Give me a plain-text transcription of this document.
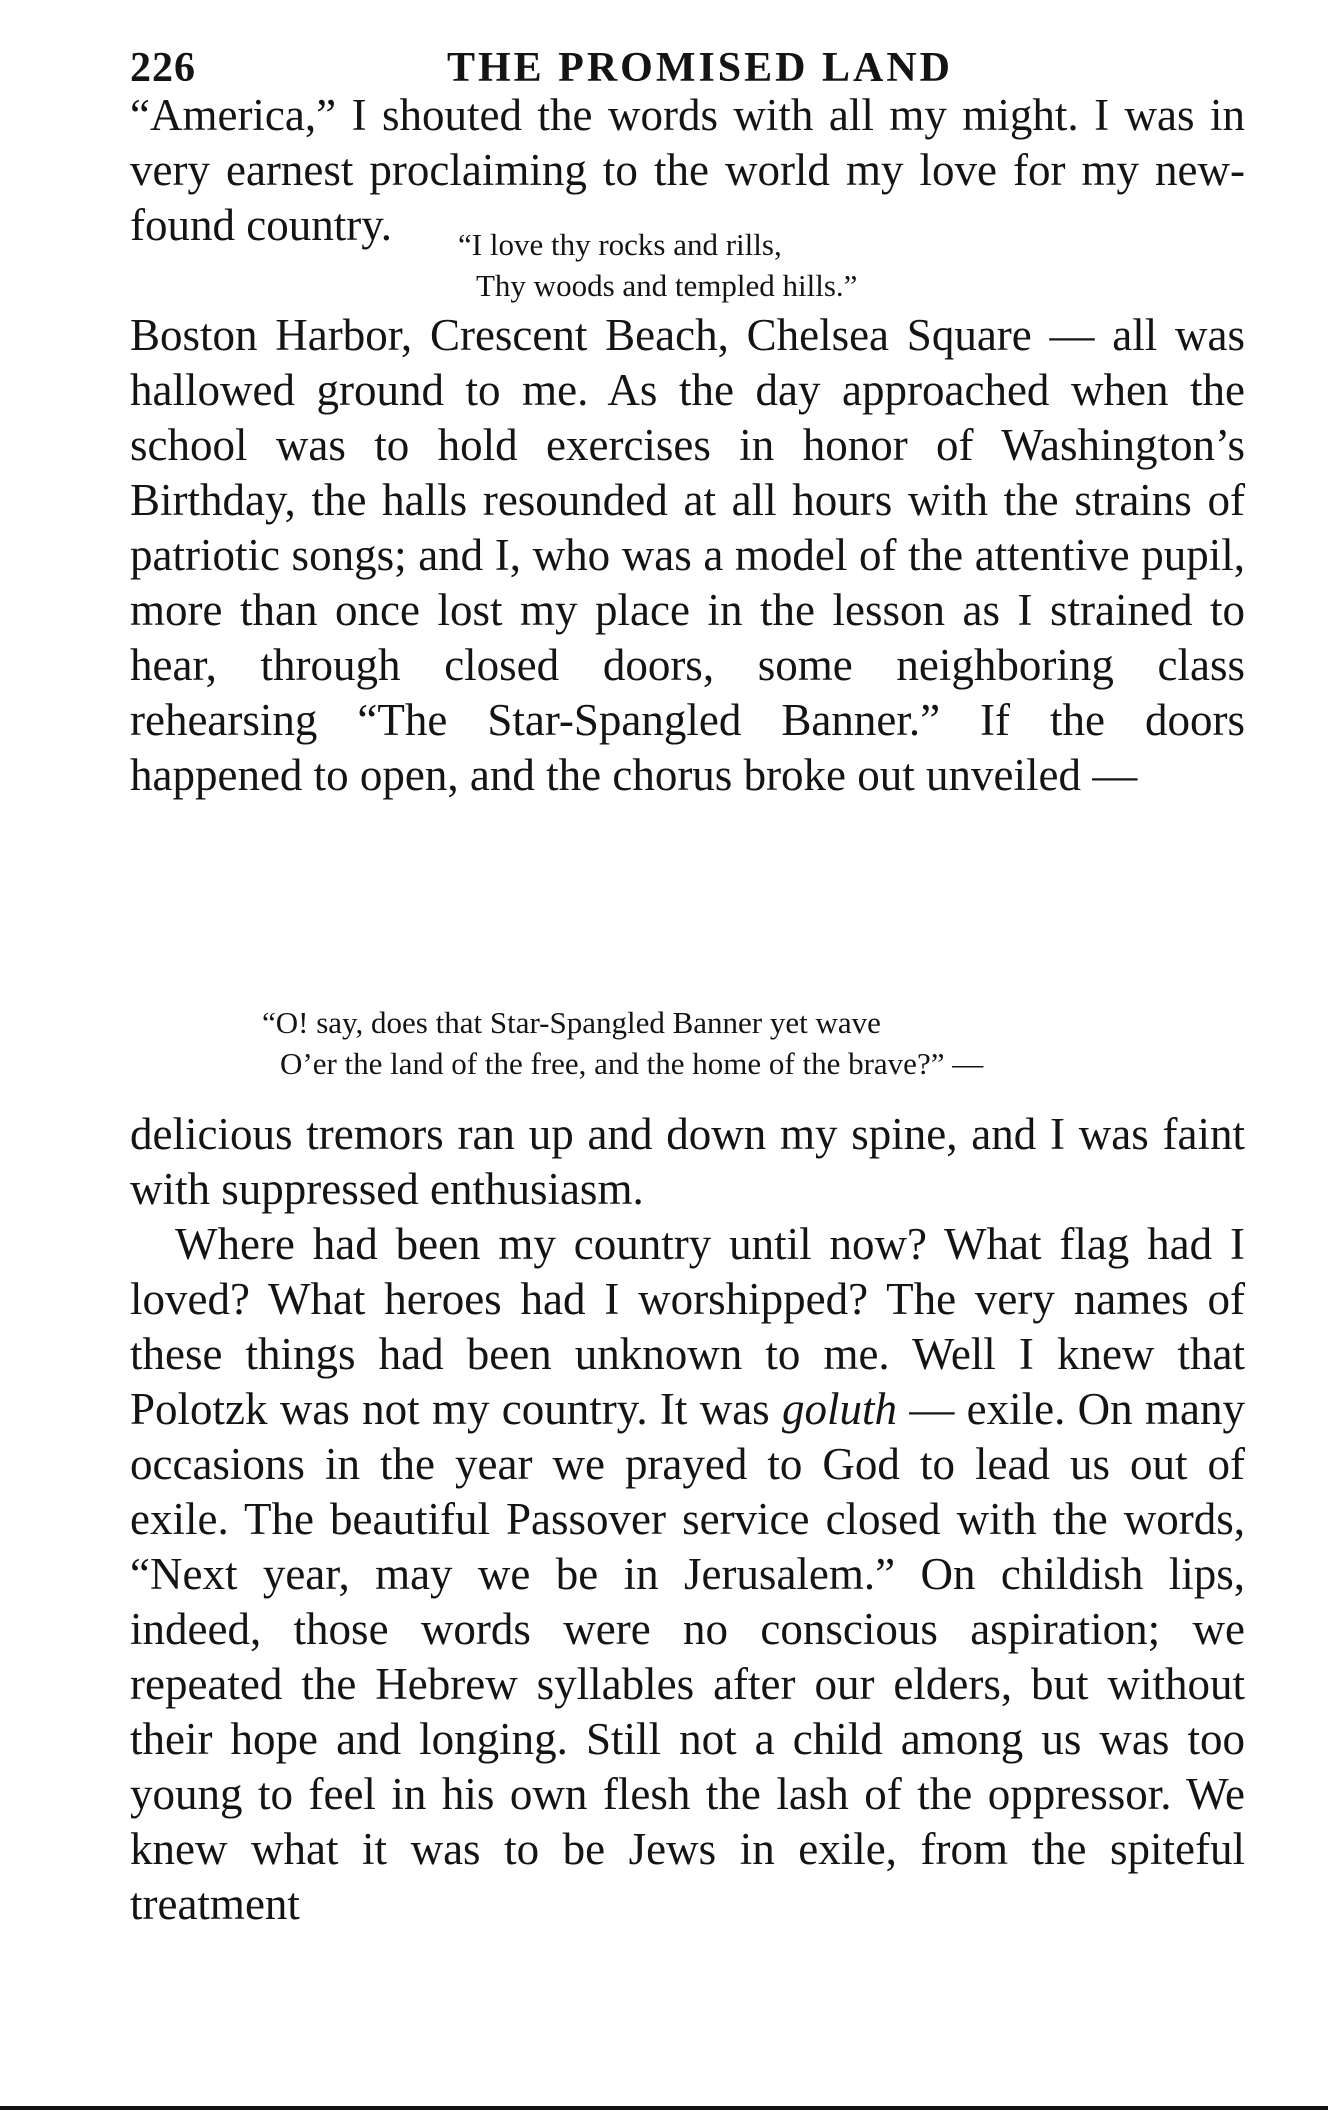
226	THE PROMISED LAND

“America,” I shouted the words with all my might. I was in very earnest proclaiming to the world my love for my new-found country.	“I love thy rocks and rills,
Thy woods and templed hills.”

Boston Harbor, Crescent Beach, Chelsea Square — all was hallowed ground to me. As the day approached when the school was to hold exercises in honor of Washington’s Birthday, the halls resounded at all hours with the strains of patriotic songs; and I, who was a model of the attentive pupil, more than once lost my place in the lesson as I strained to hear, through closed doors, some neighboring class rehearsing “The Star-Spangled Banner.” If the doors happened to open, and the chorus broke out unveiled —

“O! say, does that Star-Spangled Banner yet wave
O’er the land of the free, and the home of the brave?” —

delicious tremors ran up and down my spine, and I was faint with suppressed enthusiasm.

Where had been my country until now? What flag had I loved? What heroes had I worshipped? The very names of these things had been unknown to me. Well I knew that Polotzk was not my country. It was goluth — exile. On many occasions in the year we prayed to God to lead us out of exile. The beautiful Passover service closed with the words, “Next year, may we be in Jerusalem.” On childish lips, indeed, those words were no conscious aspiration; we repeated the Hebrew syllables after our elders, but without their hope and longing. Still not a child among us was too young to feel in his own flesh the lash of the oppressor. We knew what it was to be Jews in exile, from the spiteful treatment
